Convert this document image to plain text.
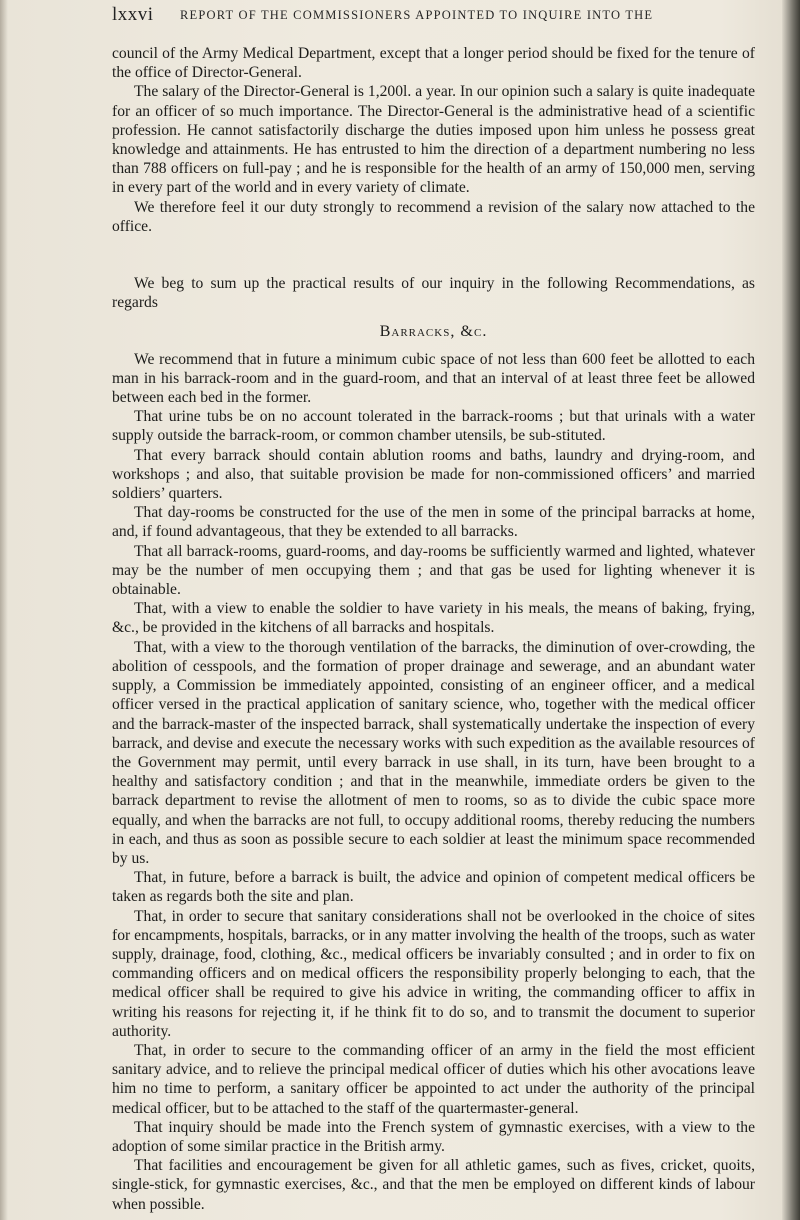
lxxvi REPORT OF THE COMMISSIONERS APPOINTED TO INQUIRE INTO THE

council of the Army Medical Department, except that a longer period should be fixed for the tenure of the office of Director-General.

The salary of the Director-General is 1,200l. a year. In our opinion such a salary is quite inadequate for an officer of so much importance. The Director-General is the administrative head of a scientific profession. He cannot satisfactorily discharge the duties imposed upon him unless he possess great knowledge and attainments. He has entrusted to him the direction of a department numbering no less than 788 officers on full-pay ; and he is responsible for the health of an army of 150,000 men, serving in every part of the world and in every variety of climate.

We therefore feel it our duty strongly to recommend a revision of the salary now attached to the office.

We beg to sum up the practical results of our inquiry in the following Recommendations, as regards

Barracks, &c.

We recommend that in future a minimum cubic space of not less than 600 feet be allotted to each man in his barrack-room and in the guard-room, and that an interval of at least three feet be allowed between each bed in the former.

That urine tubs be on no account tolerated in the barrack-rooms ; but that urinals with a water supply outside the barrack-room, or common chamber utensils, be sub-stituted.

That every barrack should contain ablution rooms and baths, laundry and drying-room, and workshops ; and also, that suitable provision be made for non-commissioned officers’ and married soldiers’ quarters.

That day-rooms be constructed for the use of the men in some of the principal barracks at home, and, if found advantageous, that they be extended to all barracks.

That all barrack-rooms, guard-rooms, and day-rooms be sufficiently warmed and lighted, whatever may be the number of men occupying them ; and that gas be used for lighting whenever it is obtainable.

That, with a view to enable the soldier to have variety in his meals, the means of baking, frying, &c., be provided in the kitchens of all barracks and hospitals.

That, with a view to the thorough ventilation of the barracks, the diminution of over-crowding, the abolition of cesspools, and the formation of proper drainage and sewerage, and an abundant water supply, a Commission be immediately appointed, consisting of an engineer officer, and a medical officer versed in the practical application of sanitary science, who, together with the medical officer and the barrack-master of the inspected barrack, shall systematically undertake the inspection of every barrack, and devise and execute the necessary works with such expedition as the available resources of the Government may permit, until every barrack in use shall, in its turn, have been brought to a healthy and satisfactory condition ; and that in the meanwhile, immediate orders be given to the barrack department to revise the allotment of men to rooms, so as to divide the cubic space more equally, and when the barracks are not full, to occupy additional rooms, thereby reducing the numbers in each, and thus as soon as possible secure to each soldier at least the minimum space recommended by us.

That, in future, before a barrack is built, the advice and opinion of competent medical officers be taken as regards both the site and plan.

That, in order to secure that sanitary considerations shall not be overlooked in the choice of sites for encampments, hospitals, barracks, or in any matter involving the health of the troops, such as water supply, drainage, food, clothing, &c., medical officers be invariably consulted ; and in order to fix on commanding officers and on medical officers the responsibility properly belonging to each, that the medical officer shall be required to give his advice in writing, the commanding officer to affix in writing his reasons for rejecting it, if he think fit to do so, and to transmit the document to superior authority.

That, in order to secure to the commanding officer of an army in the field the most efficient sanitary advice, and to relieve the principal medical officer of duties which his other avocations leave him no time to perform, a sanitary officer be appointed to act under the authority of the principal medical officer, but to be attached to the staff of the quartermaster-general.

That inquiry should be made into the French system of gymnastic exercises, with a view to the adoption of some similar practice in the British army.

That facilities and encouragement be given for all athletic games, such as fives, cricket, quoits, single-stick, for gymnastic exercises, &c., and that the men be employed on different kinds of labour when possible.
